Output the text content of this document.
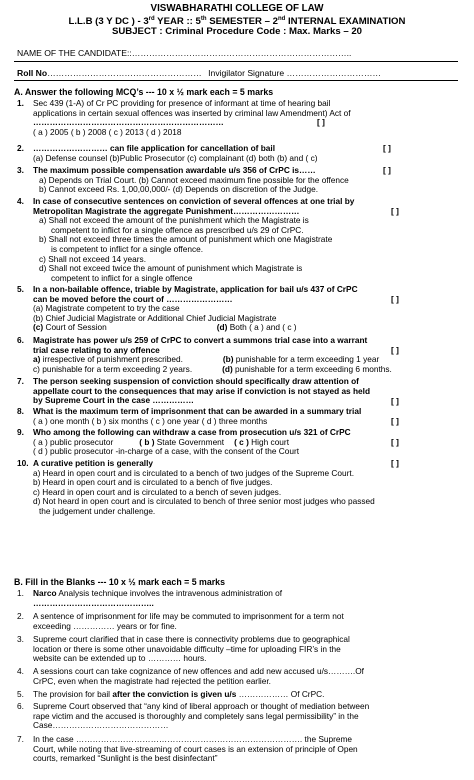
VISWABHARATHI COLLEGE OF LAW
L.L.B (3 Y DC ) - 3rd YEAR :: 5th SEMESTER – 2nd INTERNAL EXAMINATION
SUBJECT : Criminal Procedure Code : Max. Marks – 20
NAME OF THE CANDIDATE::…………………………………………………………………..
Roll No……………………………………………… Invigilator Signature ……………………………
A. Answer the following MCQ’s --- 10 x ½ mark each = 5 marks
1. Sec 439 (1-A) of Cr PC providing for presence of informant at time of hearing bail
applications in certain sexual offences was inserted by criminal law Amendment) Act of
……………………………………………………………
( a ) 2005 ( b ) 2008 ( c ) 2013 ( d ) 2018
[ ]
2. ……………………… can file application for cancellation of bail
(a) Defense counsel (b)Public Prosecutor (c) complainant (d) both (b) and ( c)
[ ]
3. The maximum possible compensation awardable u/s 356 of CrPC is……
a) Depends on Trial Court. (b) Cannot exceed maximum fine possible for the offence
b) Cannot exceed Rs. 1,00,00,000/- (d) Depends on discretion of the Judge.
[ ]
4. In case of consecutive sentences on conviction of several offences at one trial by
Metropolitan Magistrate the aggregate Punishment……………………
a) Shall not exceed the amount of the punishment which the Magistrate is
competent to inflict for a single offence as prescribed u/s 29 of CrPC.
b) Shall not exceed three times the amount of punishment which one Magistrate
is competent to inflict for a single offence.
c) Shall not exceed 14 years.
d) Shall not exceed twice the amount of punishment which Magistrate is
competent to inflict for a single offence
[ ]
5. In a non-bailable offence, triable by Magistrate, application for bail u/s 437 of CrPC
can be moved before the court of ……………………
(a) Magistrate competent to try the case
(b) Chief Judicial Magistrate or Additional Chief Judicial Magistrate
(c) Court of Session	(d) Both ( a ) and ( c )
[ ]
6. Magistrate has power u/s 259 of CrPC to convert a summons trial case into a warrant
trial case relating to any offence
a) irrespective of punishment prescribed.	(b) punishable for a term exceeding 1 year
c) punishable for a term exceeding 2 years.	(d) punishable for a term exceeding 6 months.
[ ]
7. The person seeking suspension of conviction should specifically draw attention of
appellate court to the consequences that may arise if conviction is not stayed as held
by Supreme Court in the case ……………	[ ]
8. What is the maximum term of imprisonment that can be awarded in a summary trial
( a ) one month ( b ) six months ( c ) one year ( d ) three months	[ ]
9. Who among the following can withdraw a case from prosecution u/s 321 of CrPC
( a ) public prosecutor	( b ) State Government ( c ) High court
( d ) public prosecutor -in-charge of a case, with the consent of the Court
[ ]
10. A curative petition is generally
a) Heard in open court and is circulated to a bench of two judges of the Supreme Court.
b) Heard in open court and is circulated to a bench of five judges.
c) Heard in open court and is circulated to a bench of seven judges.
d) Not heard in open court and is circulated to bench of three senior most judges who passed
the judgement under challenge.
[ ]
B. Fill in the Blanks --- 10 x ½ mark each = 5 marks
1. Narco Analysis technique involves the intravenous administration of
……………………………………..
2. A sentence of imprisonment for life may be commuted to imprisonment for a term not
exceeding …………… years or for fine.
3. Supreme court clarified that in case there is connectivity problems due to geographical
location or there is some other unavoidable difficulty –time for uploading FIR’s in the
website can be extended up to ………… hours.
4. A sessions court can take cognizance of new offences and add new accused u/s……….Of
CrPC, even when the magistrate had rejected the petition earlier.
5. The provision for bail after the conviction is given u/s ……………… Of CrPC.
6. Supreme Court observed that “any kind of liberal approach or thought of mediation between
rape victim and the accused is thoroughly and completely sans legal permissibility” in the
Case……………………………………
7. In the case ………………………………………………………………………. the Supreme
Court, while noting that live-streaming of court cases is an extension of principle of Open
courts, remarked “Sunlight is the best disinfectant”
